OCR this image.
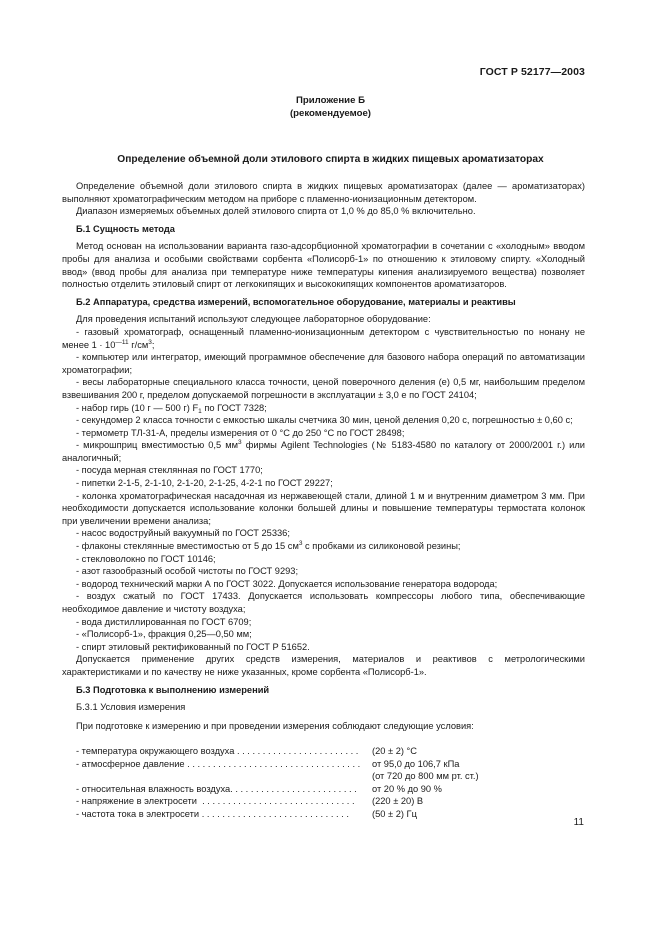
ГОСТ Р 52177—2003
Приложение Б
(рекомендуемое)
Определение объемной доли этилового спирта в жидких пищевых ароматизаторах
Определение объемной доли этилового спирта в жидких пищевых ароматизаторах (далее — ароматизаторах) выполняют хроматографическим методом на приборе с пламенно-ионизационным детектором.
Диапазон измеряемых объемных долей этилового спирта от 1,0 % до 85,0 % включительно.
Б.1 Сущность метода
Метод основан на использовании варианта газо-адсорбционной хроматографии в сочетании с «холодным» вводом пробы для анализа и особыми свойствами сорбента «Полисорб-1» по отношению к этиловому спирту. «Холодный ввод» (ввод пробы для анализа при температуре ниже температуры кипения анализируемого вещества) позволяет полностью отделить этиловый спирт от легкокипящих и высококипящих компонентов ароматизаторов.
Б.2 Аппаратура, средства измерений, вспомогательное оборудование, материалы и реактивы
Для проведения испытаний используют следующее лабораторное оборудование:
- газовый хроматограф, оснащенный пламенно-ионизационным детектором с чувствительностью по нонану не менее $1 \cdot 10^{—11}$ $г/см^3$;
- компьютер или интегратор, имеющий программное обеспечение для базового набора операций по автоматизации хроматографии;
- весы лабораторные специального класса точности, ценой поверочного деления (е) 0,5 мг, наибольшим пределом взвешивания 200 г, пределом допускаемой погрешности в эксплуатации ± 3,0 е по ГОСТ 24104;
- набор гирь (10 г — 500 г) $F_1$ по ГОСТ 7328;
- секундомер 2 класса точности с емкостью шкалы счетчика 30 мин, ценой деления 0,20 с, погрешностью ± 0,60 с;
- термометр ТЛ-31-А, пределы измерения от 0 °С до 250 °С по ГОСТ 28498;
- микрошприц вместимостью 0,5 $мм^3$ фирмы Agilent Technologies (№ 5183-4580 по каталогу от 2000/2001 г.) или аналогичный;
- посуда мерная стеклянная по ГОСТ 1770;
- пипетки 2-1-5, 2-1-10, 2-1-20, 2-1-25, 4-2-1 по ГОСТ 29227;
- колонка хроматографическая насадочная из нержавеющей стали, длиной 1 м и внутренним диаметром 3 мм. При необходимости допускается использование колонки большей длины и повышение температуры термостата колонок при увеличении времени анализа;
- насос водоструйный вакуумный по ГОСТ 25336;
- флаконы стеклянные вместимостью от 5 до 15 $см^3$ с пробками из силиконовой резины;
- стекловолокно по ГОСТ 10146;
- азот газообразный особой чистоты по ГОСТ 9293;
- водород технический марки А по ГОСТ 3022. Допускается использование генератора водорода;
- воздух сжатый по ГОСТ 17433. Допускается использовать компрессоры любого типа, обеспечивающие необходимое давление и чистоту воздуха;
- вода дистиллированная по ГОСТ 6709;
- «Полисорб-1», фракция 0,25—0,50 мм;
- спирт этиловый ректификованный по ГОСТ Р 51652.
Допускается применение других средств измерения, материалов и реактивов с метрологическими характеристиками и по качеству не ниже указанных, кроме сорбента «Полисорб-1».
Б.3 Подготовка к выполнению измерений
Б.3.1 Условия измерения
При подготовке к измерению и при проведении измерения соблюдают следующие условия:
- температура окружающего воздуха . . . . . . . . . . . . . . . . . . . . . . . .	(20 ± 2) °С
- атмосферное давление . . . . . . . . . . . . . . . . . . . . . . . . . . . . . . . . . .	от 95,0 до 106,7 кПа
(от 720 до 800 мм рт. ст.)
- относительная влажность воздуха. . . . . . . . . . . . . . . . . . . . . . . . .	от 20 % до 90 %
- напряжение в электросети  . . . . . . . . . . . . . . . . . . . . . . . . . . . . . .	(220 ± 20) В
- частота тока в электросети . . . . . . . . . . . . . . . . . . . . . . . . . . . . .	(50 ± 2) Гц
11
